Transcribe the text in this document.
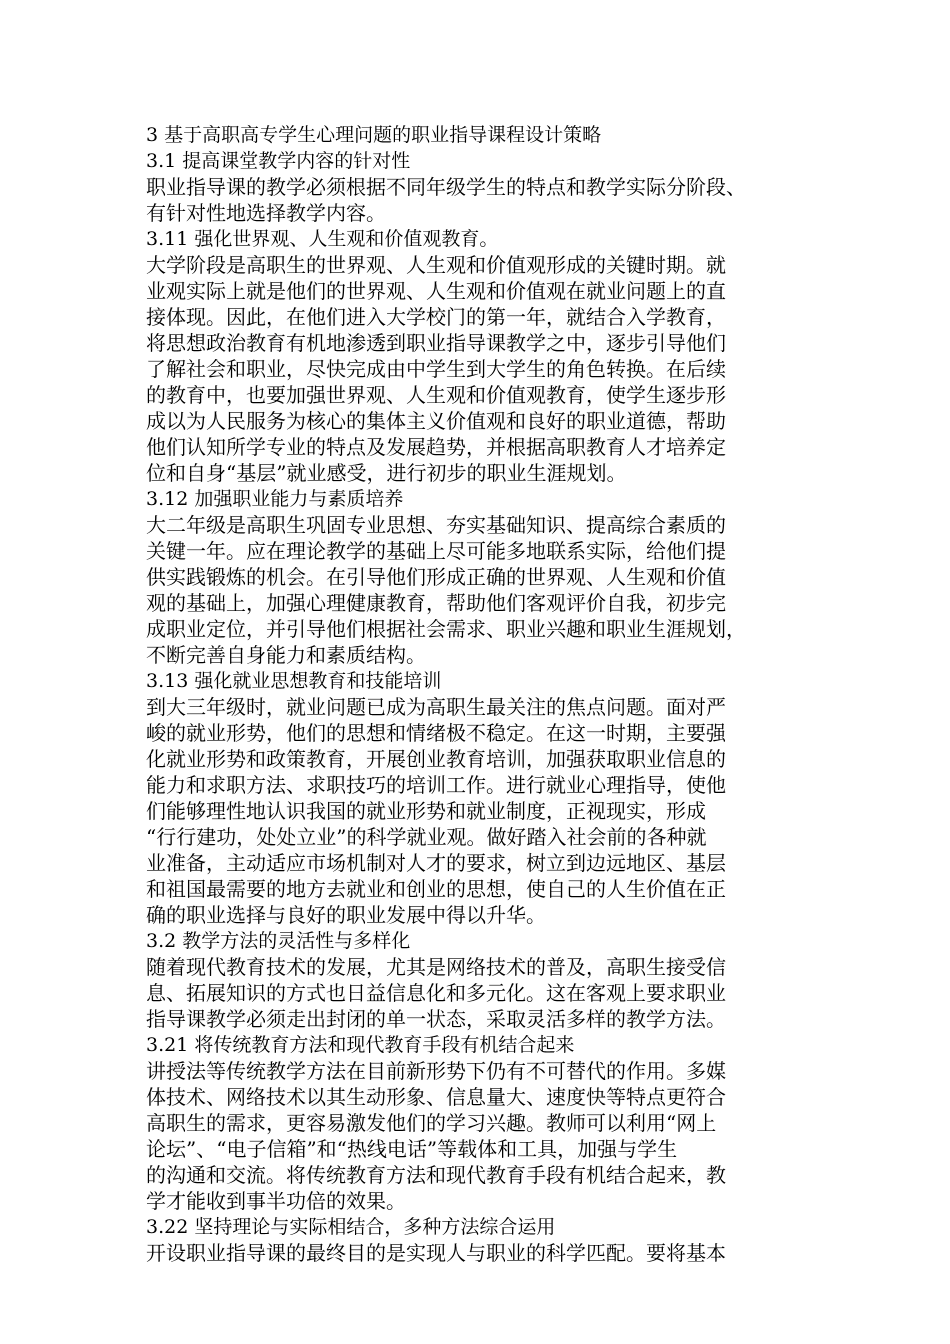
3 基于高职高专学生心理问题的职业指导课程设计策略
3.1 提高课堂教学内容的针对性
职业指导课的教学必须根据不同年级学生的特点和教学实际分阶段、
有针对性地选择教学内容。
3.11 强化世界观、人生观和价值观教育。
大学阶段是高职生的世界观、人生观和价值观形成的关键时期。就
业观实际上就是他们的世界观、人生观和价值观在就业问题上的直
接体现。因此，在他们进入大学校门的第一年，就结合入学教育，
将思想政治教育有机地渗透到职业指导课教学之中，逐步引导他们
了解社会和职业，尽快完成由中学生到大学生的角色转换。在后续
的教育中，也要加强世界观、人生观和价值观教育，使学生逐步形
成以为人民服务为核心的集体主义价值观和良好的职业道德，帮助
他们认知所学专业的特点及发展趋势，并根据高职教育人才培养定
位和自身“基层”就业感受，进行初步的职业生涯规划。
3.12 加强职业能力与素质培养
大二年级是高职生巩固专业思想、夯实基础知识、提高综合素质的
关键一年。应在理论教学的基础上尽可能多地联系实际，给他们提
供实践锻炼的机会。在引导他们形成正确的世界观、人生观和价值
观的基础上，加强心理健康教育，帮助他们客观评价自我，初步完
成职业定位，并引导他们根据社会需求、职业兴趣和职业生涯规划，
不断完善自身能力和素质结构。
3.13 强化就业思想教育和技能培训
到大三年级时，就业问题已成为高职生最关注的焦点问题。面对严
峻的就业形势，他们的思想和情绪极不稳定。在这一时期，主要强
化就业形势和政策教育，开展创业教育培训，加强获取职业信息的
能力和求职方法、求职技巧的培训工作。进行就业心理指导，使他
们能够理性地认识我国的就业形势和就业制度，正视现实，形成
“行行建功，处处立业”的科学就业观。做好踏入社会前的各种就
业准备，主动适应市场机制对人才的要求，树立到边远地区、基层
和祖国最需要的地方去就业和创业的思想，使自己的人生价值在正
确的职业选择与良好的职业发展中得以升华。
3.2 教学方法的灵活性与多样化
随着现代教育技术的发展，尤其是网络技术的普及，高职生接受信
息、拓展知识的方式也日益信息化和多元化。这在客观上要求职业
指导课教学必须走出封闭的单一状态，采取灵活多样的教学方法。
3.21 将传统教育方法和现代教育手段有机结合起来
讲授法等传统教学方法在目前新形势下仍有不可替代的作用。多媒
体技术、网络技术以其生动形象、信息量大、速度快等特点更符合
高职生的需求，更容易激发他们的学习兴趣。教师可以利用“网上
论坛”、“电子信箱”和“热线电话”等载体和工具，加强与学生
的沟通和交流。将传统教育方法和现代教育手段有机结合起来，教
学才能收到事半功倍的效果。
3.22 坚持理论与实际相结合，多种方法综合运用
开设职业指导课的最终目的是实现人与职业的科学匹配。要将基本
